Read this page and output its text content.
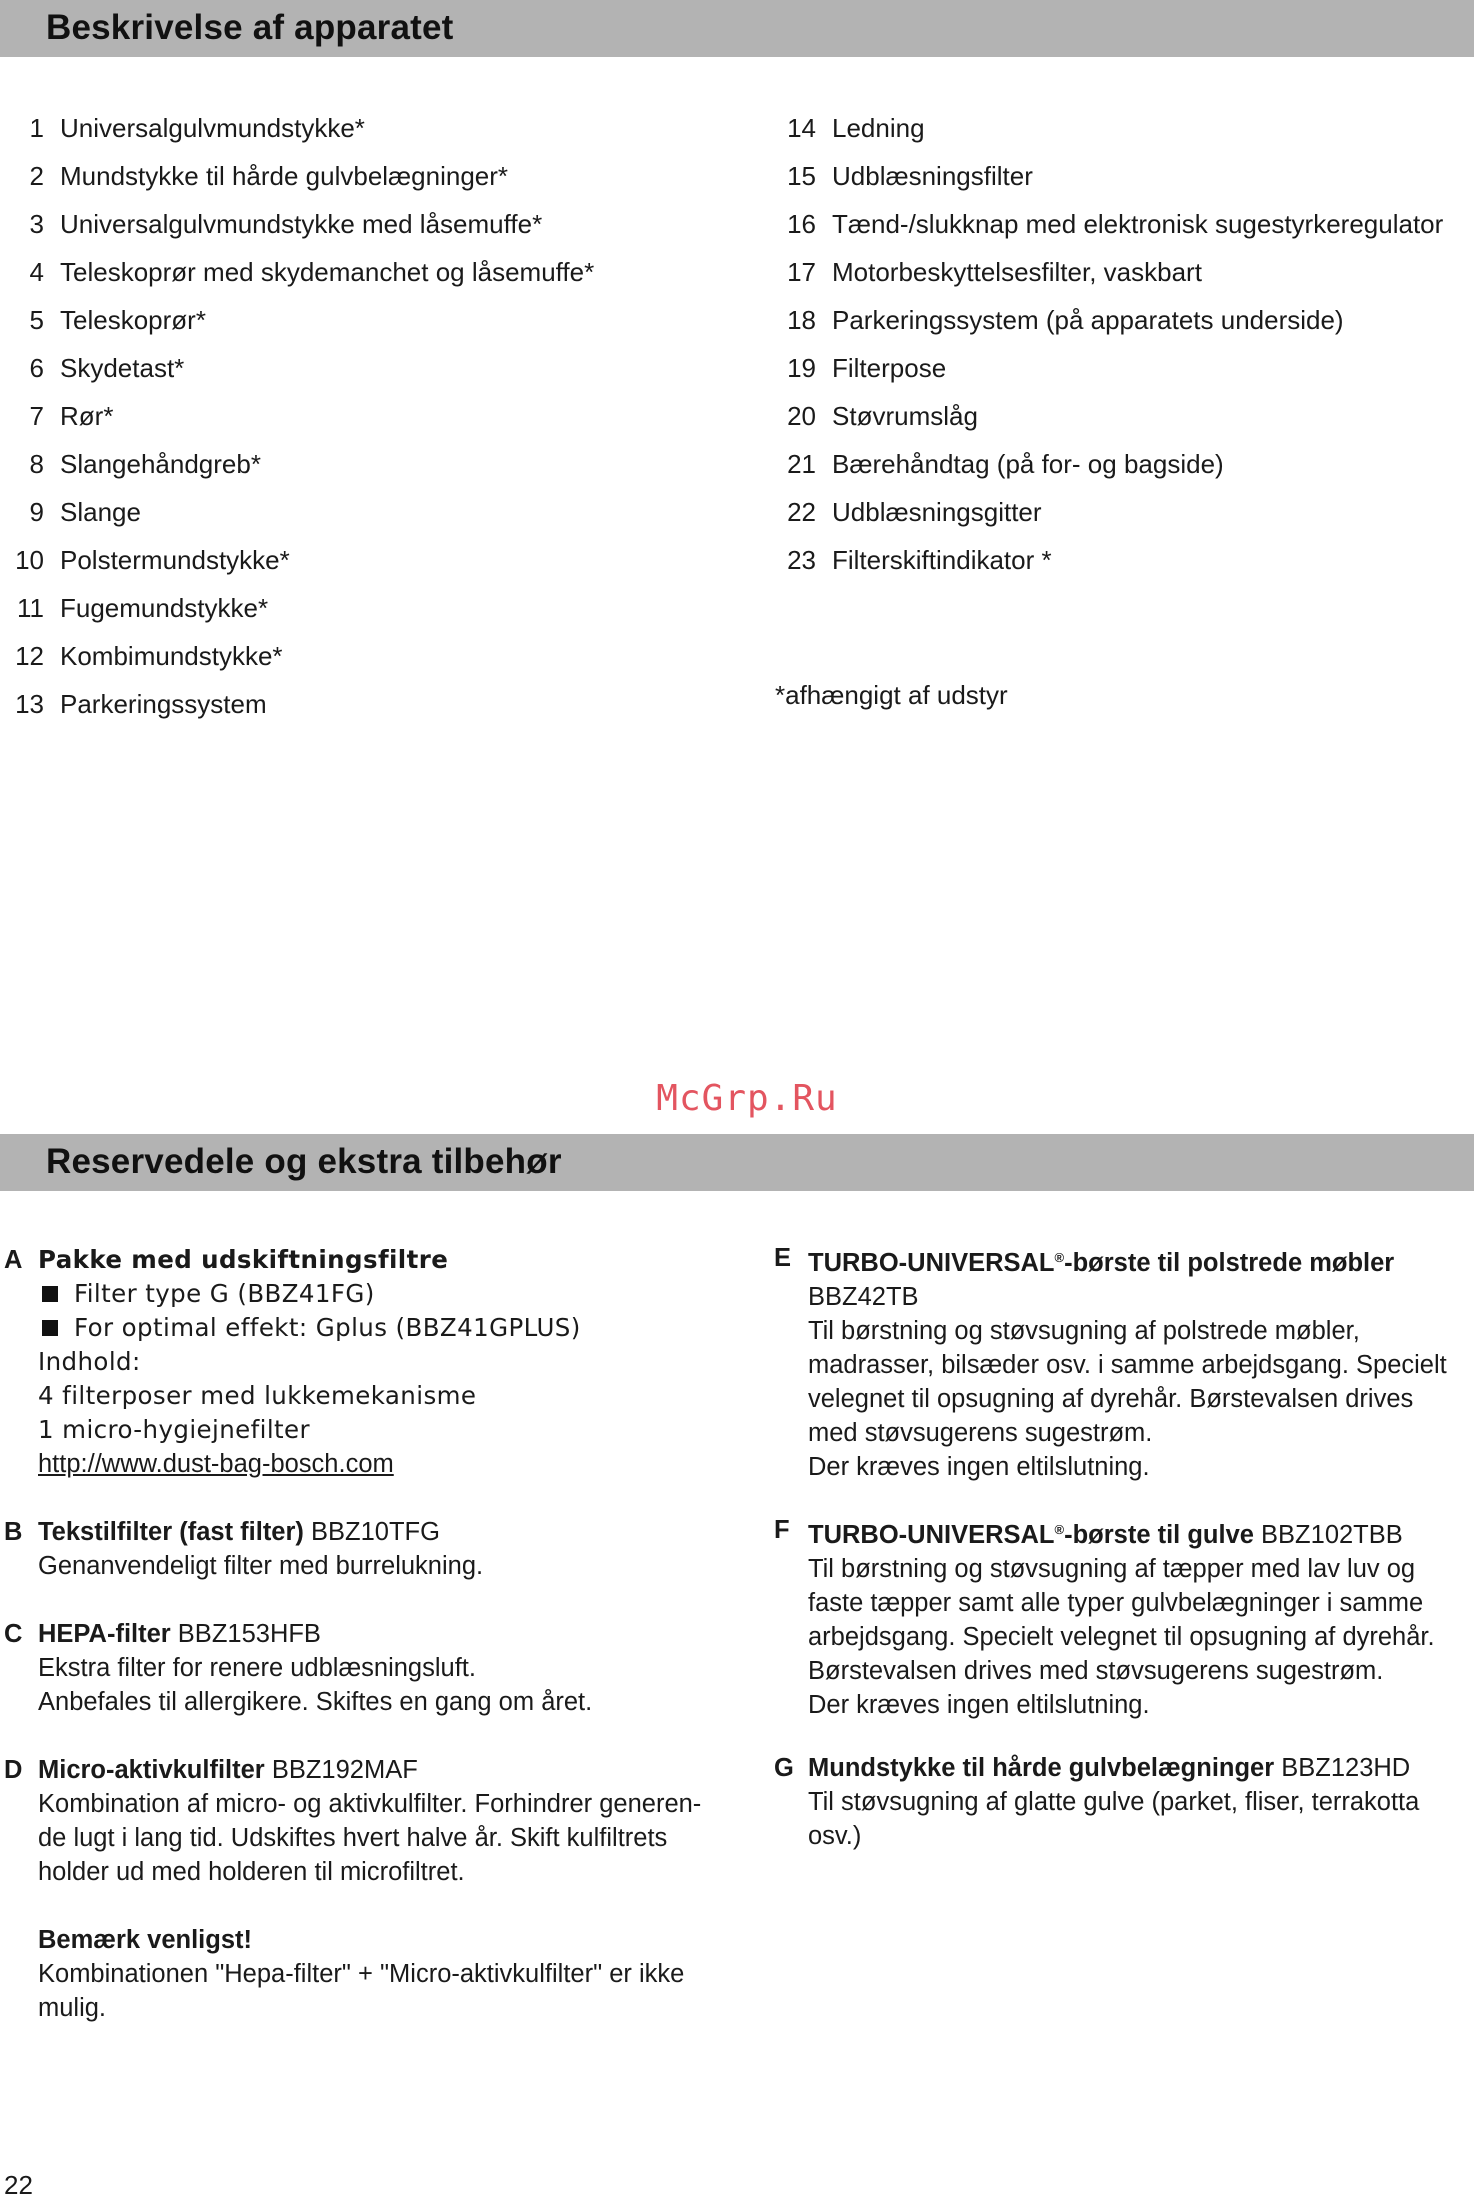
Beskrivelse af apparatet
1 Universalgulvmundstykke*
2 Mundstykke til hårde gulvbelægninger*
3 Universalgulvmundstykke med låsemuffe*
4 Teleskoprør med skydemanchet og låsemuffe*
5 Teleskoprør*
6 Skydetast*
7 Rør*
8 Slangehåndgreb*
9 Slange
10 Polstermundstykke*
11 Fugemundstykke*
12 Kombimundstykke*
13 Parkeringssystem
14 Ledning
15 Udblæsningsfilter
16 Tænd-/slukknap med elektronisk sugestyrkeregulator
17 Motorbeskyttelsesfilter, vaskbart
18 Parkeringssystem (på apparatets underside)
19 Filterpose
20 Støvrumslåg
21 Bærehåndtag (på for- og bagside)
22 Udblæsningsgitter
23 Filterskiftindikator *
*afhængigt af udstyr
McGrp.Ru
Reservedele og ekstra tilbehør
A Pakke med udskiftningsfiltre
Filter type G (BBZ41FG)
For optimal effekt: Gplus (BBZ41GPLUS)
Indhold:
4 filterposer med lukkemekanisme
1 micro-hygiejnefilter
http://www.dust-bag-bosch.com
B Tekstilfilter (fast filter) BBZ10TFG
Genanvendeligt filter med burrelukning.
C HEPA-filter BBZ153HFB
Ekstra filter for renere udblæsningsluft.
Anbefales til allergikere. Skiftes en gang om året.
D Micro-aktivkulfilter BBZ192MAF
Kombination af micro- og aktivkulfilter. Forhindrer generen-
de lugt i lang tid. Udskiftes hvert halve år. Skift kulfiltrets
holder ud med holderen til microfiltret.
Bemærk venligst!
Kombinationen "Hepa-filter" + "Micro-aktivkulfilter" er ikke
mulig.
E TURBO-UNIVERSAL®-børste til polstrede møbler
BBZ42TB
Til børstning og støvsugning af polstrede møbler,
madrasser, bilsæder osv. i samme arbejdsgang. Specielt
velegnet til opsugning af dyrehår. Børstevalsen drives
med støvsugerens sugestrøm.
Der kræves ingen eltilslutning.
F TURBO-UNIVERSAL®-børste til gulve BBZ102TBB
Til børstning og støvsugning af tæpper med lav luv og
faste tæpper samt alle typer gulvbelægninger i samme
arbejdsgang. Specielt velegnet til opsugning af dyrehår.
Børstevalsen drives med støvsugerens sugestrøm.
Der kræves ingen eltilslutning.
G Mundstykke til hårde gulvbelægninger BBZ123HD
Til støvsugning af glatte gulve (parket, fliser, terrakotta
osv.)
22
